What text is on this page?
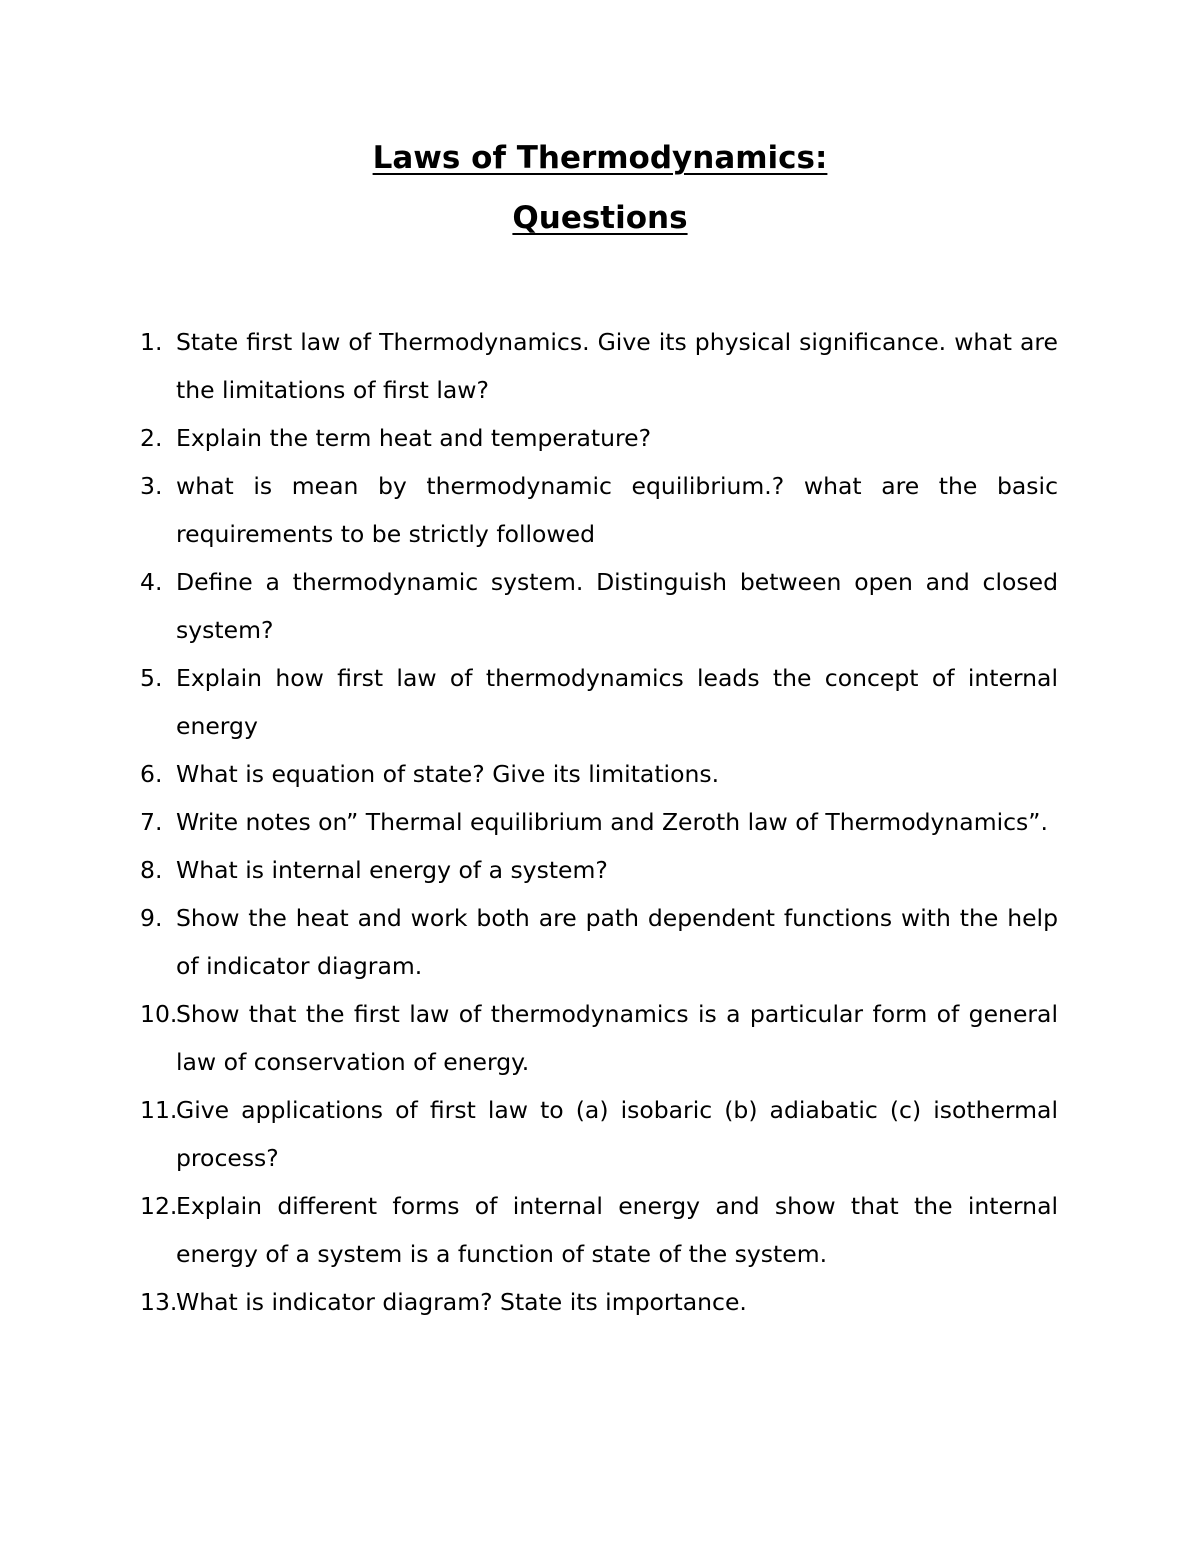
Laws of Thermodynamics:
Questions
1. State first law of Thermodynamics. Give its physical significance. what are the limitations of first law?
2. Explain the term heat and temperature?
3. what is mean by thermodynamic equilibrium.? what are the basic requirements to be strictly followed
4. Define a thermodynamic system. Distinguish between open and closed system?
5. Explain how first law of thermodynamics leads the concept of internal energy
6. What is equation of state? Give its limitations.
7. Write notes on” Thermal equilibrium and Zeroth law of Thermodynamics”.
8. What is internal energy of a system?
9. Show the heat and work both are path dependent functions with the help of indicator diagram.
10.
Show that the first law of thermodynamics is a particular form of general law of conservation of energy.
11.
Give applications of first law to (a) isobaric (b) adiabatic (c) isothermal process?
12.
Explain different forms of internal energy and show that the internal energy of a system is a function of state of the system.
13.
What is indicator diagram? State its importance.
